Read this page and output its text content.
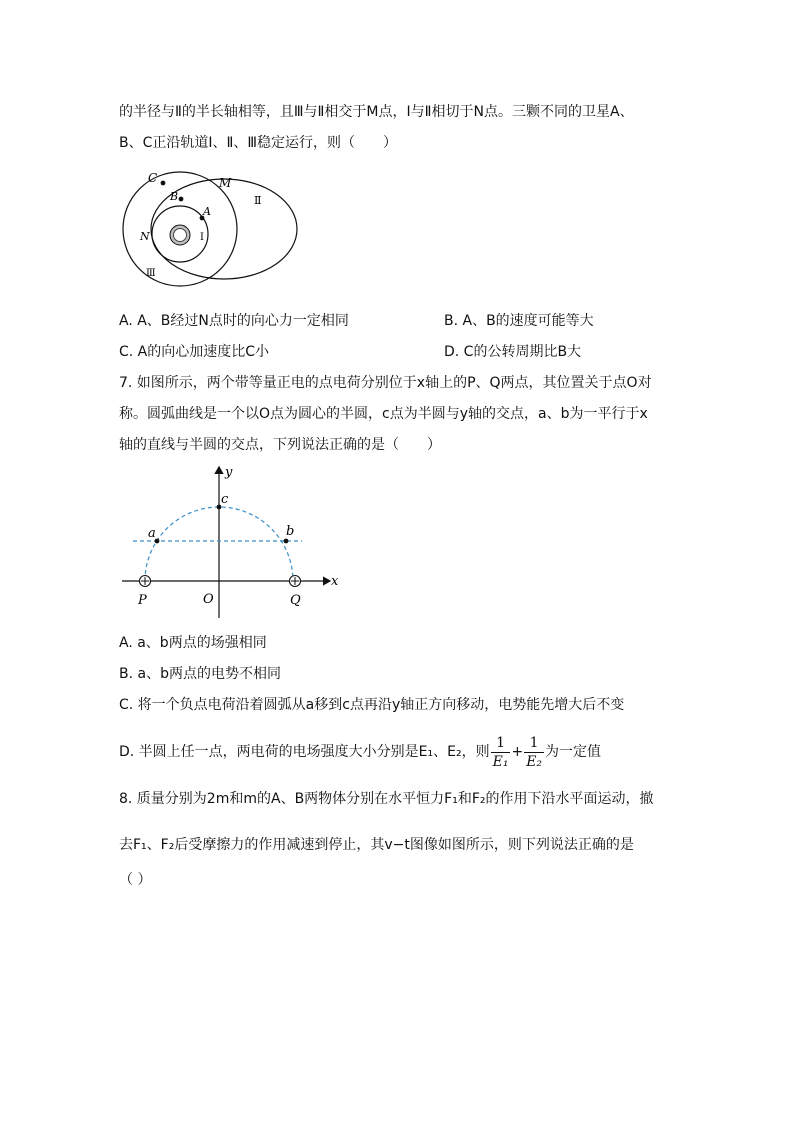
的半径与Ⅱ的半长轴相等，且Ⅲ与Ⅱ相交于M点，Ⅰ与Ⅱ相切于N点。三颗不同的卫星A、
B、C正沿轨道Ⅰ、Ⅱ、Ⅲ稳定运行，则（　　）
C	M
B
A
Ⅱ
N	Ⅰ
Ⅲ
A. A、B经过N点时的向心力一定相同	B. A、B的速度可能等大
C. A的向心加速度比C小	D. C的公转周期比B大
7. 如图所示，两个带等量正电的点电荷分别位于x轴上的P、Q两点，其位置关于点O对
称。圆弧曲线是一个以O点为圆心的半圆，c点为半圆与y轴的交点，a、b为一平行于x
轴的直线与半圆的交点，下列说法正确的是（　　）
y
c
a	b
x
P	O	Q
A. a、b两点的场强相同
B. a、b两点的电势不相同
C. 将一个负点电荷沿着圆弧从a移到c点再沿y轴正方向移动，电势能先增大后不变
D. 半圆上任一点，两电荷的电场强度大小分别是E₁、E₂，则 $\frac{1}{\text{E₁}} + \frac{1}{\text{E₂}}$ 为一定值
8. 质量分别为2m和m的A、B两物体分别在水平恒力F₁和F₂的作用下沿水平面运动，撤
去F₁、F₂后受摩擦力的作用减速到停止，其v−t图像如图所示，则下列说法正确的是
（ ）
